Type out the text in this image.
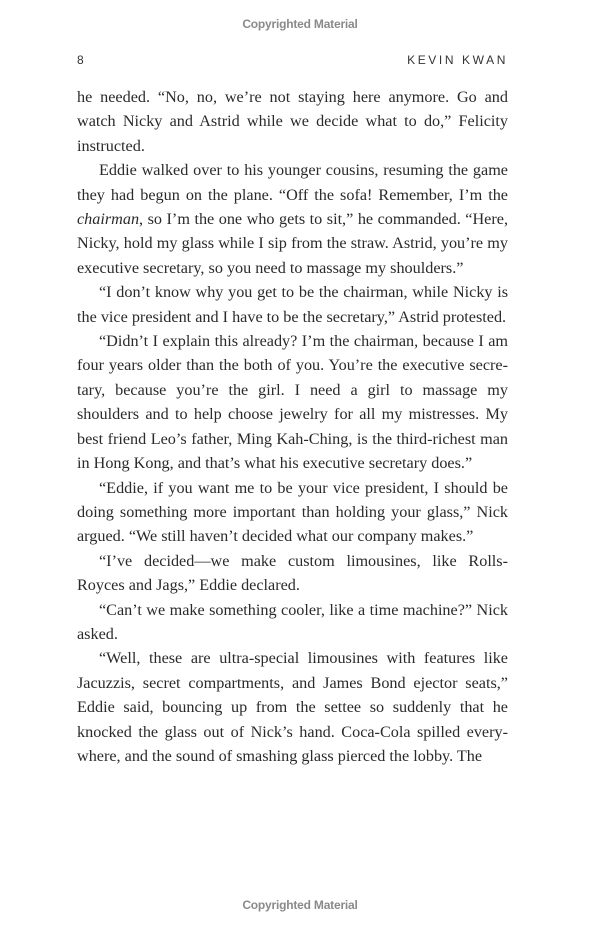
Copyrighted Material
8	KEVIN KWAN

he needed. “No, no, we’re not staying here anymore. Go and watch Nicky and Astrid while we decide what to do,” Felicity instructed.

Eddie walked over to his younger cousins, resuming the game they had begun on the plane. “Off the sofa! Remember, I’m the chairman, so I’m the one who gets to sit,” he commanded. “Here, Nicky, hold my glass while I sip from the straw. Astrid, you’re my executive secretary, so you need to massage my shoulders.”

“I don’t know why you get to be the chairman, while Nicky is the vice president and I have to be the secretary,” Astrid protested.

“Didn’t I explain this already? I’m the chairman, because I am four years older than the both of you. You’re the executive secretary, because you’re the girl. I need a girl to massage my shoulders and to help choose jewelry for all my mistresses. My best friend Leo’s father, Ming Kah-Ching, is the third-richest man in Hong Kong, and that’s what his executive secretary does.”

“Eddie, if you want me to be your vice president, I should be doing something more important than holding your glass,” Nick argued. “We still haven’t decided what our company makes.”

“I’ve decided—we make custom limousines, like Rolls-Royces and Jags,” Eddie declared.

“Can’t we make something cooler, like a time machine?” Nick asked.

“Well, these are ultra-special limousines with features like Jacuzzis, secret compartments, and James Bond ejector seats,” Eddie said, bouncing up from the settee so suddenly that he knocked the glass out of Nick’s hand. Coca-Cola spilled everywhere, and the sound of smashing glass pierced the lobby. The

Copyrighted Material
